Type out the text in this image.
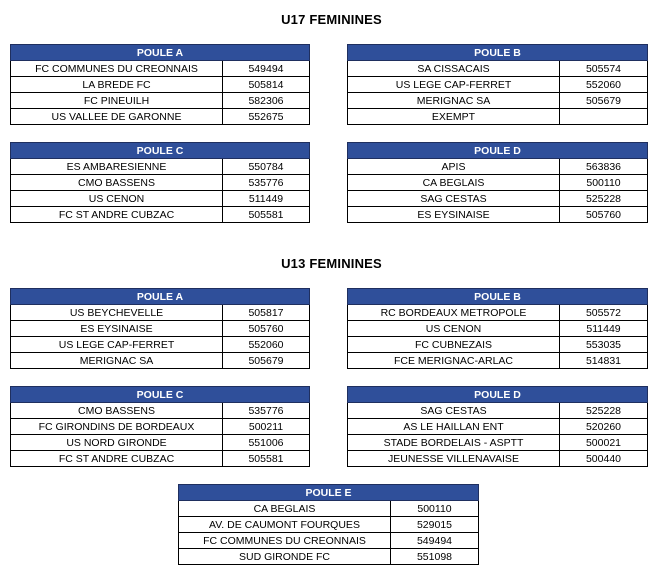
U17 FEMININES
U13 FEMININES
POULE A	
FC COMMUNES DU CREONNAIS	549494
LA BREDE FC	505814
FC PINEUILH	582306
US VALLEE DE GARONNE	552675
POULE B	
SA CISSACAIS	505574
US LEGE CAP-FERRET	552060
MERIGNAC SA	505679
EXEMPT	
POULE C	
ES AMBARESIENNE	550784
CMO BASSENS	535776
US CENON	511449
FC ST ANDRE CUBZAC	505581
POULE D	
APIS	563836
CA BEGLAIS	500110
SAG CESTAS	525228
ES EYSINAISE	505760
POULE A	
US BEYCHEVELLE	505817
ES EYSINAISE	505760
US LEGE CAP-FERRET	552060
MERIGNAC SA	505679
POULE B	
RC BORDEAUX METROPOLE	505572
US CENON	511449
FC CUBNEZAIS	553035
FCE MERIGNAC-ARLAC	514831
POULE C	
CMO BASSENS	535776
FC GIRONDINS DE BORDEAUX	500211
US NORD GIRONDE	551006
FC ST ANDRE CUBZAC	505581
POULE D	
SAG CESTAS	525228
AS LE HAILLAN ENT	520260
STADE BORDELAIS - ASPTT	500021
JEUNESSE VILLENAVAISE	500440
POULE E	
CA BEGLAIS	500110
AV. DE CAUMONT FOURQUES	529015
FC COMMUNES DU CREONNAIS	549494
SUD GIRONDE FC	551098
